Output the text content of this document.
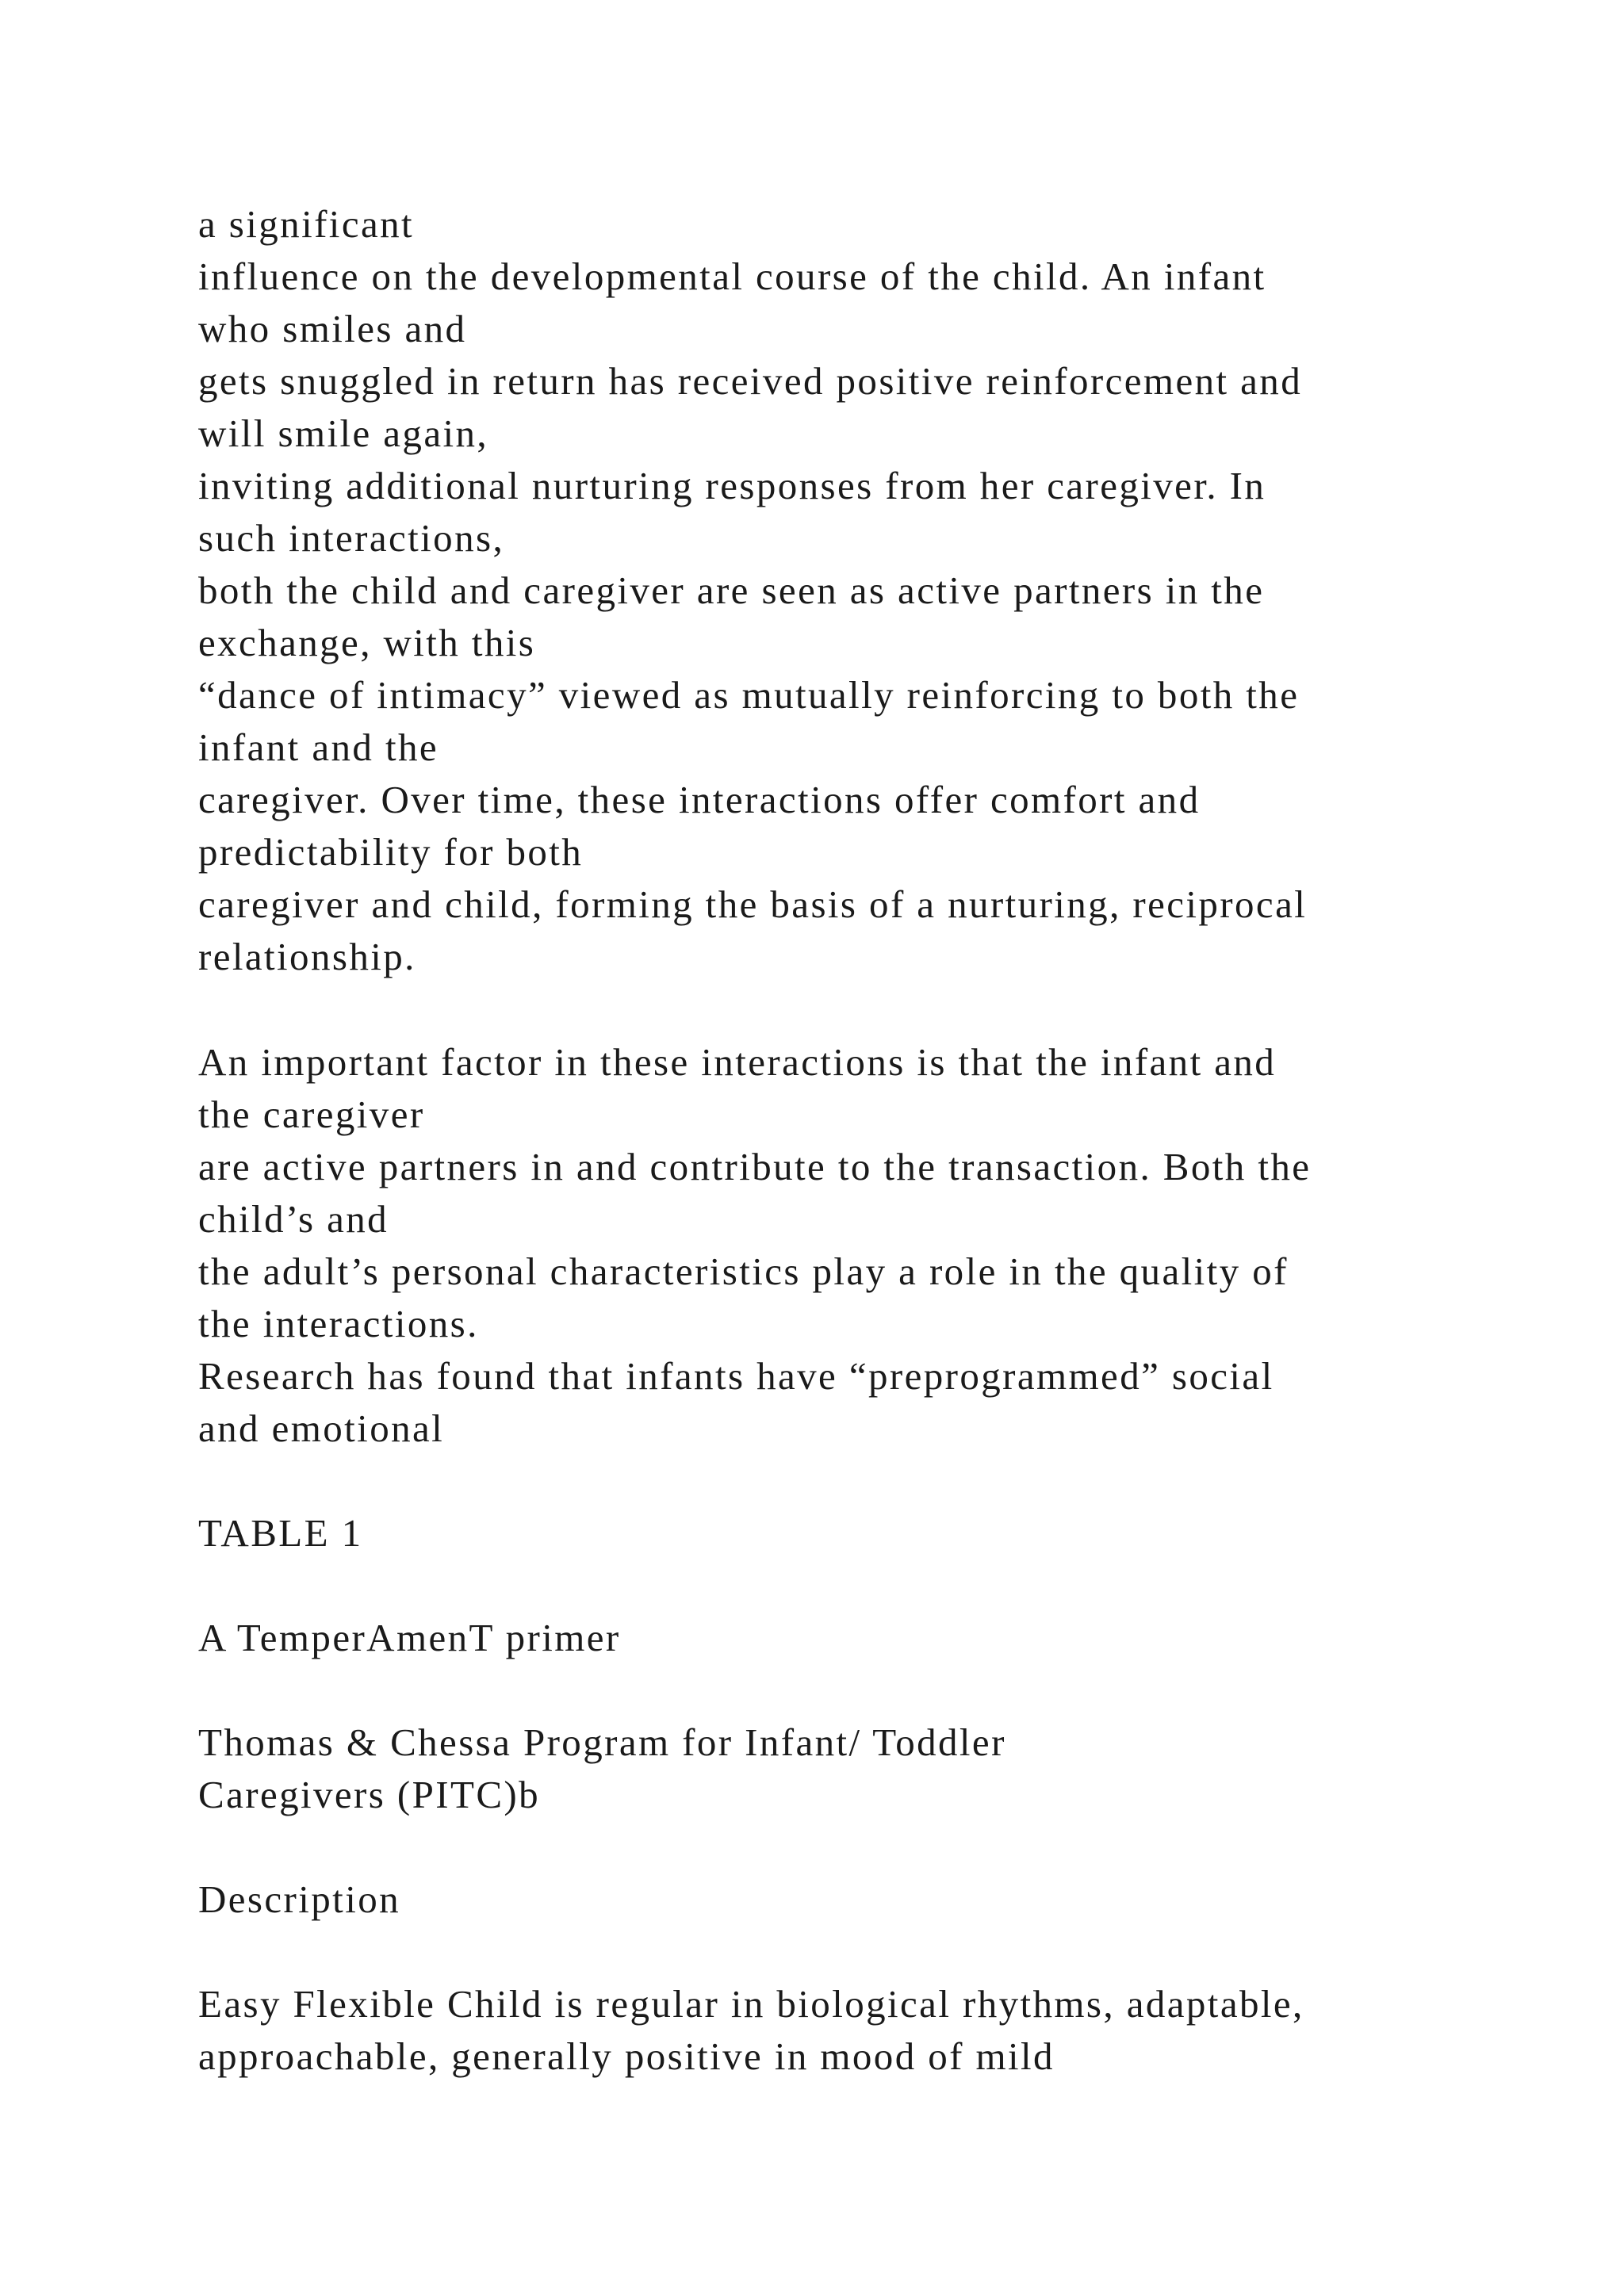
a significant

influence on the developmental course of the child. An infant

who smiles and

gets snuggled in return has received positive reinforcement and

will smile again,

inviting additional nurturing responses from her caregiver. In

such interactions,

both the child and caregiver are seen as active partners in the

exchange, with this

“dance of intimacy” viewed as mutually reinforcing to both the

infant and the

caregiver. Over time, these interactions offer comfort and

predictability for both

caregiver and child, forming the basis of a nurturing, reciprocal

relationship.

An important factor in these interactions is that the infant and

the caregiver

are active partners in and contribute to the transaction. Both the

child’s and

the adult’s personal characteristics play a role in the quality of

the interactions.

Research has found that infants have “preprogrammed” social

and emotional

TABLE 1

A TemperAmenT primer

Thomas & Chessa Program for Infant/ Toddler

Caregivers (PITC)b

Description

Easy Flexible Child is regular in biological rhythms, adaptable,

approachable, generally positive in mood of mild
